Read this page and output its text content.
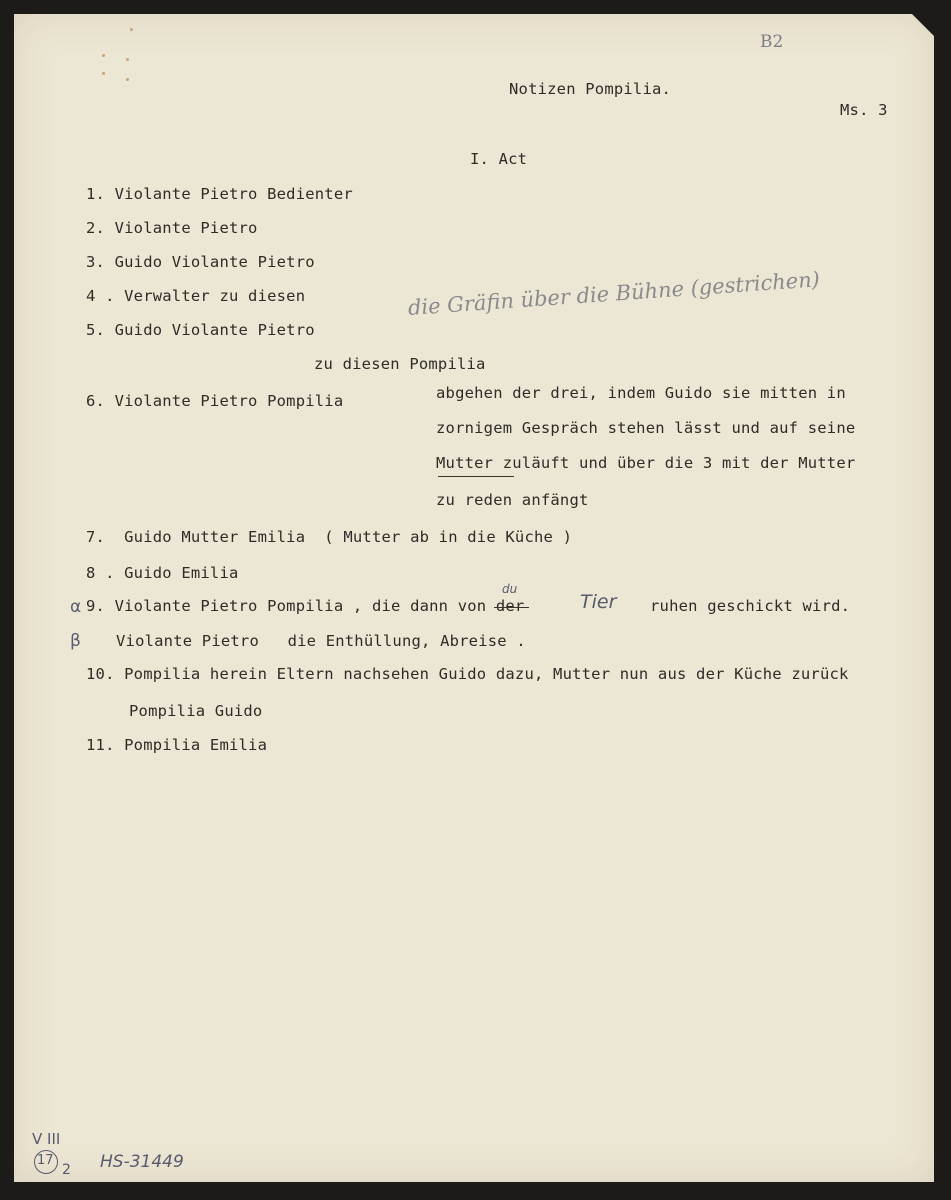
B2
Notizen Pompilia.
Ms. 3
I. Act
1. Violante Pietro Bedienter
2. Violante Pietro
3. Guido Violante Pietro
4 . Verwalter zu diesen
5. Guido Violante Pietro
die Gräfin über die Bühne (gestrichen)
zu diesen Pompilia
6. Violante Pietro Pompilia	abgehen der drei, indem Guido sie mitten in
zornigem Gespräch stehen lässt und auf seine
Mutter zuläuft und über die 3 mit der Mutter
zu reden anfängt
7.  Guido Mutter Emilia  ( Mutter ab in die Küche )
8 . Guido Emilia
α 9. Violante Pietro Pompilia , die dann von der
du
Tier ruhen geschickt wird.
β Violante Pietro   die Enthüllung, Abreise .
10. Pompilia herein Eltern nachsehen Guido dazu, Mutter nun aus der Küche zurück
Pompilia Guido
11. Pompilia Emilia
V III
17
2 HS-31449
